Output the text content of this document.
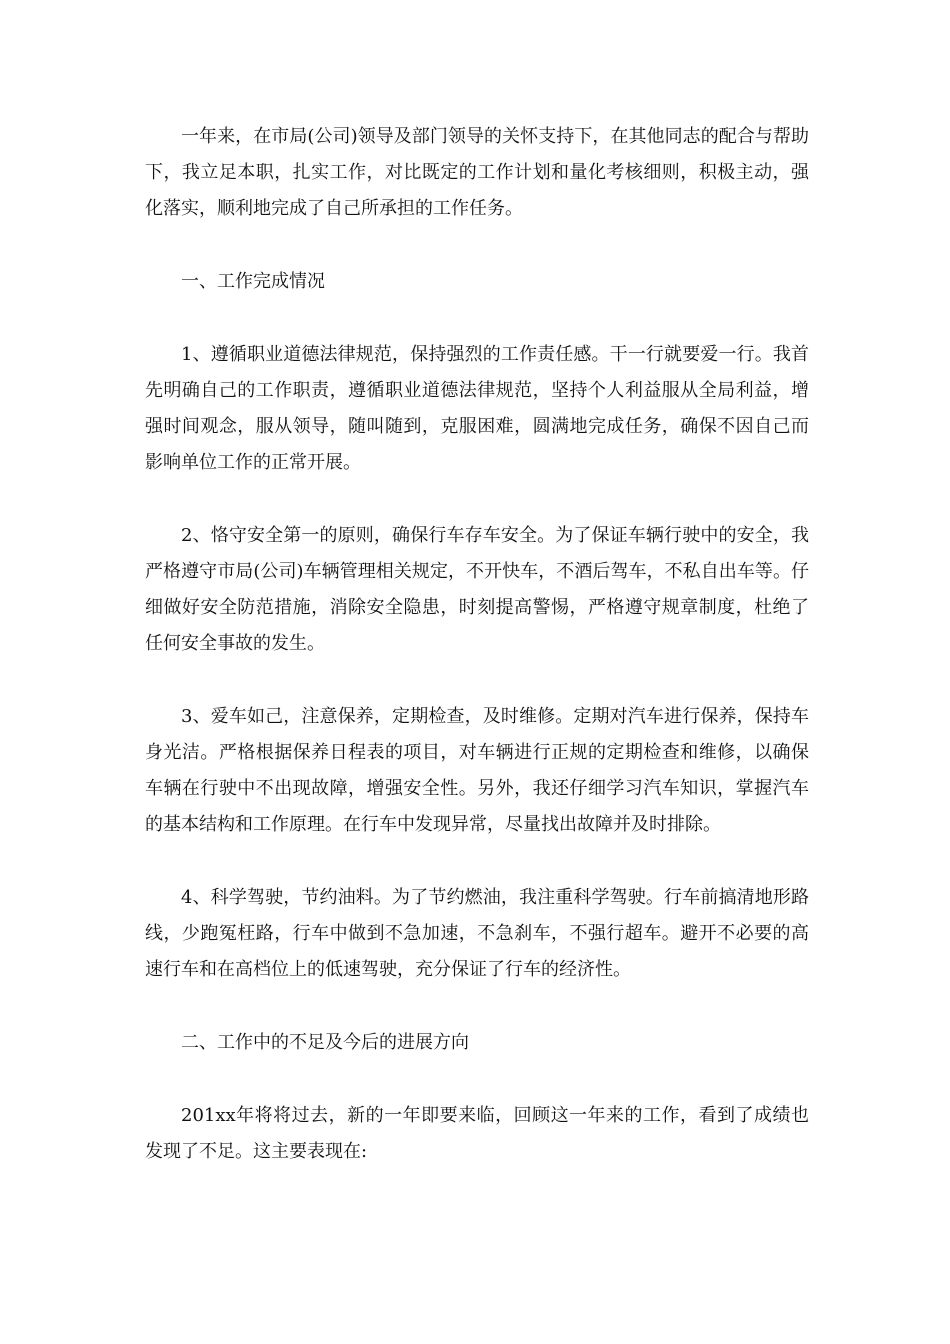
一年来，在市局(公司)领导及部门领导的关怀支持下，在其他同志的配合与帮助下，我立足本职，扎实工作，对比既定的工作计划和量化考核细则，积极主动，强化落实，顺利地完成了自己所承担的工作任务。

一、工作完成情况

1、遵循职业道德法律规范，保持强烈的工作责任感。干一行就要爱一行。我首先明确自己的工作职责，遵循职业道德法律规范，坚持个人利益服从全局利益，增强时间观念，服从领导，随叫随到，克服困难，圆满地完成任务，确保不因自己而影响单位工作的正常开展。

2、恪守安全第一的原则，确保行车存车安全。为了保证车辆行驶中的安全，我严格遵守市局(公司)车辆管理相关规定，不开快车，不酒后驾车，不私自出车等。仔细做好安全防范措施，消除安全隐患，时刻提高警惕，严格遵守规章制度，杜绝了任何安全事故的发生。

3、爱车如己，注意保养，定期检查，及时维修。定期对汽车进行保养，保持车身光洁。严格根据保养日程表的项目，对车辆进行正规的定期检查和维修，以确保车辆在行驶中不出现故障，增强安全性。另外，我还仔细学习汽车知识，掌握汽车的基本结构和工作原理。在行车中发现异常，尽量找出故障并及时排除。

4、科学驾驶，节约油料。为了节约燃油，我注重科学驾驶。行车前搞清地形路线，少跑冤枉路，行车中做到不急加速，不急刹车，不强行超车。避开不必要的高速行车和在高档位上的低速驾驶，充分保证了行车的经济性。

二、工作中的不足及今后的进展方向

201xx年将将过去，新的一年即要来临，回顾这一年来的工作，看到了成绩也发现了不足。这主要表现在:
